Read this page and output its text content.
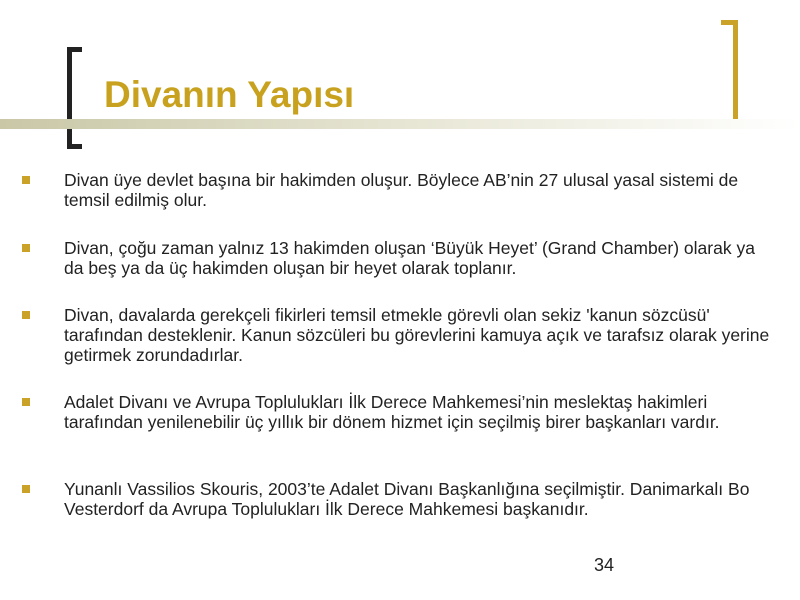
Divanın Yapısı
Divan üye devlet başına bir hakimden oluşur. Böylece AB’nin 27 ulusal yasal sistemi de temsil edilmiş olur.
Divan, çoğu zaman yalnız 13 hakimden oluşan ‘Büyük Heyet’ (Grand Chamber) olarak ya da beş ya da üç hakimden oluşan bir heyet olarak toplanır.
Divan, davalarda gerekçeli fikirleri temsil etmekle görevli olan sekiz 'kanun sözcüsü' tarafından desteklenir. Kanun sözcüleri bu görevlerini kamuya açık ve tarafsız olarak yerine getirmek zorundadırlar.
Adalet Divanı ve Avrupa Toplulukları İlk Derece Mahkemesi’nin meslektaş hakimleri tarafından yenilenebilir üç yıllık bir dönem hizmet için seçilmiş birer başkanları vardır.
Yunanlı Vassilios Skouris, 2003’te Adalet Divanı Başkanlığına seçilmiştir. Danimarkalı Bo Vesterdorf da Avrupa Toplulukları İlk Derece Mahkemesi başkanıdır.
34
